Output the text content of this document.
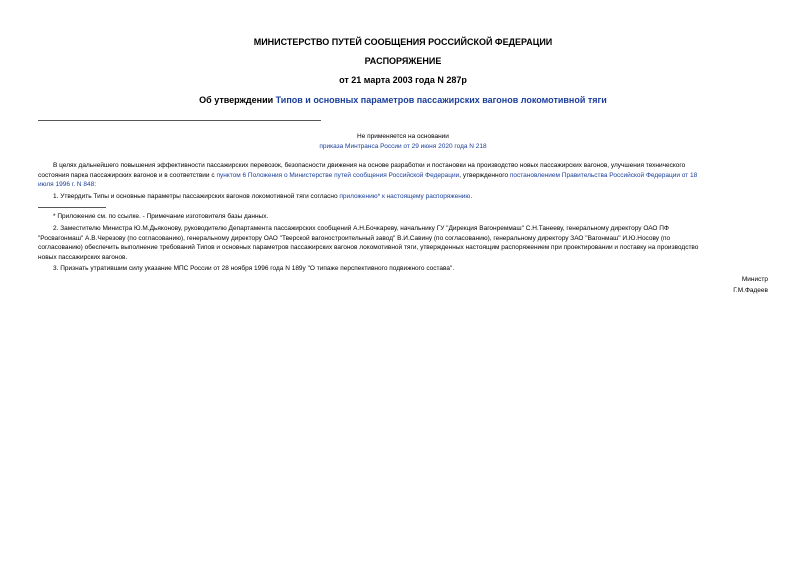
МИНИСТЕРСТВО ПУТЕЙ СООБЩЕНИЯ РОССИЙСКОЙ ФЕДЕРАЦИИ
РАСПОРЯЖЕНИЕ
от 21 марта 2003 года N 287р
Об утверждении Типов и основных параметров пассажирских вагонов локомотивной тяги
Не применяется на основании
приказа Минтранса России от 29 июня 2020 года N 218
В целях дальнейшего повышения эффективности пассажирских перевозок, безопасности движения на основе разработки и постановки на производство новых пассажирских вагонов, улучшения технического
состояния парка пассажирских вагонов и в соответствии с пунктом 6 Положения о Министерстве путей сообщения Российской Федерации, утвержденного постановлением Правительства Российской Федерации от 18
июля 1996 г. N 848:
1. Утвердить Типы и основные параметры пассажирских вагонов локомотивной тяги согласно приложению* к настоящему распоряжению.
* Приложение см. по ссылке. - Примечание изготовителя базы данных.
2. Заместителю Министра Ю.М.Дьяконову, руководителю Департамента пассажирских сообщений А.Н.Бочкареву, начальнику ГУ "Дирекция Вагонреммаш" С.Н.Танееву, генеральному директору ОАО ПФ
"Росвагонмаш" А.В.Черезову (по согласованию), генеральному директору ОАО "Тверской вагоностроительный завод" В.И.Савину (по согласованию), генеральному директору ЗАО "Вагонмаш" И.Ю.Носову (по
согласованию) обеспечить выполнение требований Типов и основных параметров пассажирских вагонов локомотивной тяги, утвержденных настоящим распоряжением при проектировании и поставку на производство
новых пассажирских вагонов.
3. Признать утратившим силу указание МПС России от 28 ноября 1996 года N 189у "О типаже перспективного подвижного состава".
Министр
Г.М.Фадеев
